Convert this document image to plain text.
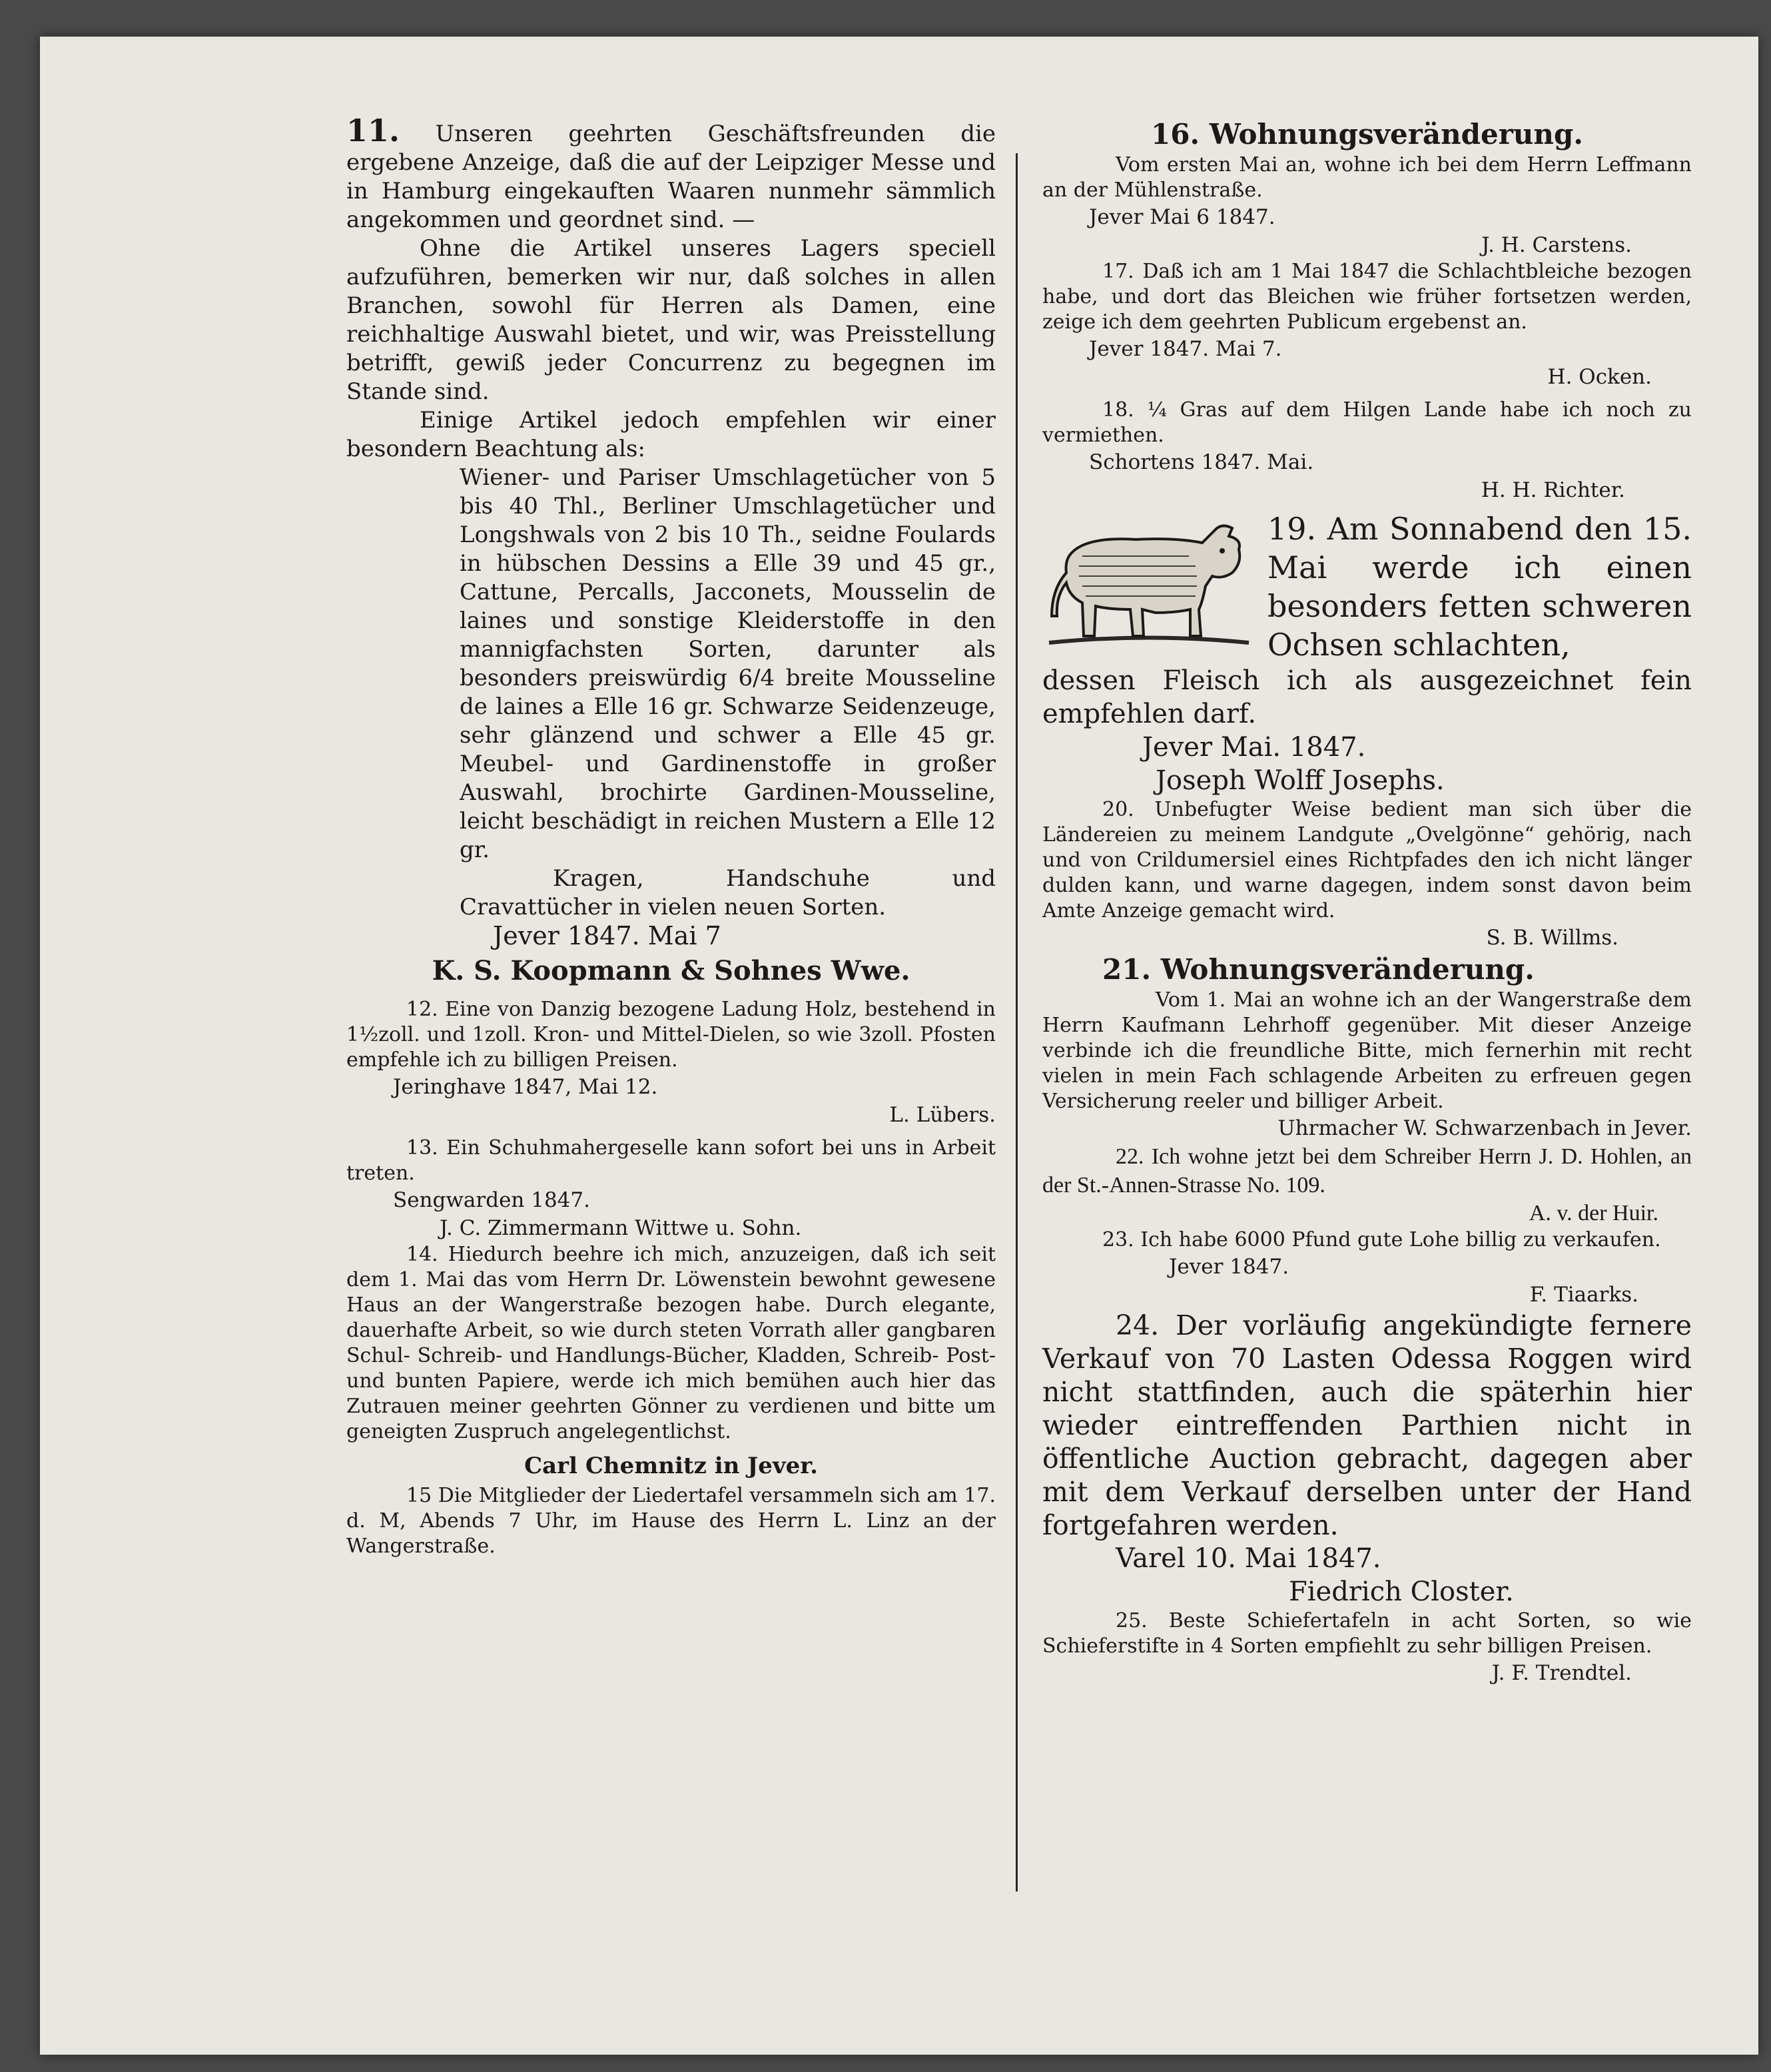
11. Unseren geehrten Geschäftsfreunden die ergebene Anzeige, daß die auf der Leipziger Messe und in Hamburg eingekauften Waaren nunmehr sämmlich angekommen und geordnet sind. —

Ohne die Artikel unseres Lagers speciell aufzuführen, bemerken wir nur, daß solches in allen Branchen, sowohl für Herren als Damen, eine reichhaltige Auswahl bietet, und wir, was Preisstellung betrifft, gewiß jeder Concurrenz zu begegnen im Stande sind.

Einige Artikel jedoch empfehlen wir einer besondern Beachtung als:

Wiener- und Pariser Umschlagetücher von 5 bis 40 Thl., Berliner Umschlagetücher und Longshwals von 2 bis 10 Th., seidne Foulards in hübschen Dessins a Elle 39 und 45 gr., Cattune, Percalls, Jacconets, Mousselin de laines und sonstige Kleiderstoffe in den mannigfachsten Sorten, darunter als besonders preiswürdig 6/4 breite Mousseline de laines a Elle 16 gr. Schwarze Seidenzeuge, sehr glänzend und schwer a Elle 45 gr. Meubel- und Gardinenstoffe in großer Auswahl, brochirte Gardinen-Mousseline, leicht beschädigt in reichen Mustern a Elle 12 gr.

Kragen, Handschuhe und Cravattücher in vielen neuen Sorten.

Jever 1847. Mai 7

K. S. Koopmann & Sohnes Wwe.

12. Eine von Danzig bezogene Ladung Holz, bestehend in 1½zoll. und 1zoll. Kron- und Mittel-Dielen, so wie 3zoll. Pfosten empfehle ich zu billigen Preisen.

Jeringhave 1847, Mai 12.

L. Lübers.

13. Ein Schuhmahergeselle kann sofort bei uns in Arbeit treten.

Sengwarden 1847.

J. C. Zimmermann Wittwe u. Sohn.

14. Hiedurch beehre ich mich, anzuzeigen, daß ich seit dem 1. Mai das vom Herrn Dr. Löwenstein bewohnt gewesene Haus an der Wangerstraße bezogen habe. Durch elegante, dauerhafte Arbeit, so wie durch steten Vorrath aller gangbaren Schul- Schreib- und Handlungs-Bücher, Kladden, Schreib- Post- und bunten Papiere, werde ich mich bemühen auch hier das Zutrauen meiner geehrten Gönner zu verdienen und bitte um geneigten Zuspruch angelegentlichst.

Carl Chemnitz in Jever.

15 Die Mitglieder der Liedertafel versammeln sich am 17. d. M, Abends 7 Uhr, im Hause des Herrn L. Linz an der Wangerstraße.

16. Wohnungsveränderung.

Vom ersten Mai an, wohne ich bei dem Herrn Leffmann an der Mühlenstraße.

Jever Mai 6 1847.

J. H. Carstens.

17. Daß ich am 1 Mai 1847 die Schlachtbleiche bezogen habe, und dort das Bleichen wie früher fortsetzen werden, zeige ich dem geehrten Publicum ergebenst an.

Jever 1847. Mai 7.

H. Ocken.

18. ¼ Gras auf dem Hilgen Lande habe ich noch zu vermiethen.

Schortens 1847. Mai.

H. H. Richter.

19. Am Sonnabend den 15. Mai werde ich einen besonders fetten schweren Ochsen schlachten,

dessen Fleisch ich als ausgezeichnet fein empfehlen darf.

Jever Mai. 1847.

Joseph Wolff Josephs.

20. Unbefugter Weise bedient man sich über die Ländereien zu meinem Landgute „Ovelgönne“ gehörig, nach und von Crildumersiel eines Richtpfades den ich nicht länger dulden kann, und warne dagegen, indem sonst davon beim Amte Anzeige gemacht wird.

S. B. Willms.

21. Wohnungsveränderung.

Vom 1. Mai an wohne ich an der Wangerstraße dem Herrn Kaufmann Lehrhoff gegenüber. Mit dieser Anzeige verbinde ich die freundliche Bitte, mich fernerhin mit recht vielen in mein Fach schlagende Arbeiten zu erfreuen gegen Versicherung reeler und billiger Arbeit.

Uhrmacher W. Schwarzenbach in Jever.

22. Ich wohne jetzt bei dem Schreiber Herrn J. D. Hohlen, an der St.-Annen-Strasse No. 109.

A. v. der Huir.

23. Ich habe 6000 Pfund gute Lohe billig zu verkaufen.

Jever 1847.

F. Tiaarks.

24. Der vorläufig angekündigte fernere Verkauf von 70 Lasten Odessa Roggen wird nicht stattfinden, auch die späterhin hier wieder eintreffenden Parthien nicht in öffentliche Auction gebracht, dagegen aber mit dem Verkauf derselben unter der Hand fortgefahren werden.

Varel 10. Mai 1847.

Fiedrich Closter.

25. Beste Schiefertafeln in acht Sorten, so wie Schieferstifte in 4 Sorten empfiehlt zu sehr billigen Preisen.

J. F. Trendtel.
